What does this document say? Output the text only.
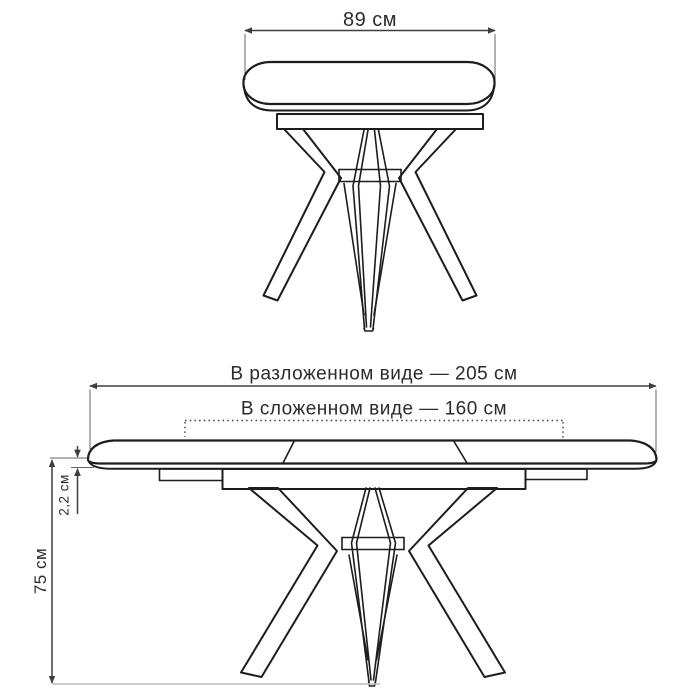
89 см
В разложенном виде — 205 см
В сложенном виде — 160 см
75 см
2,2 см
